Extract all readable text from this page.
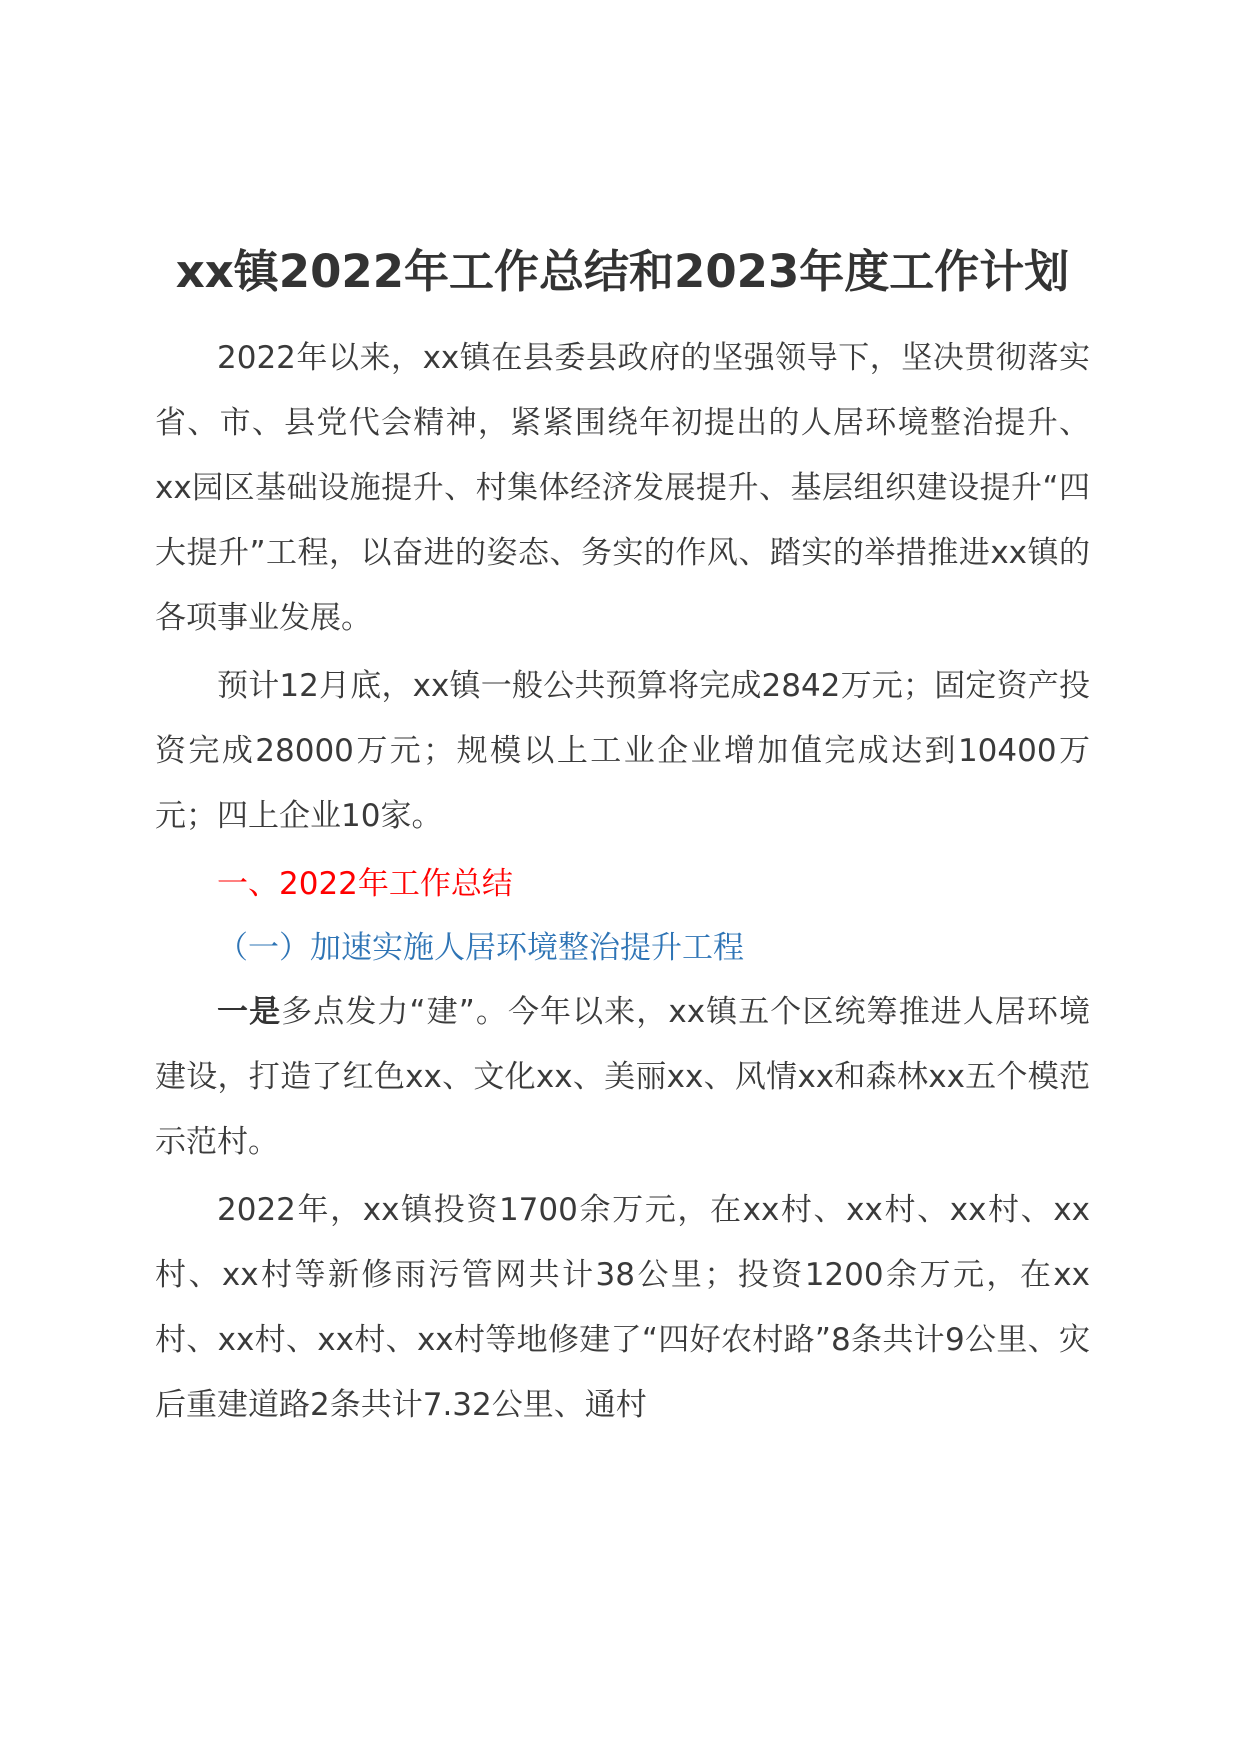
xx镇2022年工作总结和2023年度工作计划

2022年以来，xx镇在县委县政府的坚强领导下，坚决贯彻落实省、市、县党代会精神，紧紧围绕年初提出的人居环境整治提升、xx园区基础设施提升、村集体经济发展提升、基层组织建设提升“四大提升”工程，以奋进的姿态、务实的作风、踏实的举措推进xx镇的各项事业发展。

预计12月底，xx镇一般公共预算将完成2842万元；固定资产投资完成28000万元；规模以上工业企业增加值完成达到10400万元；四上企业10家。

一、2022年工作总结

（一）加速实施人居环境整治提升工程

一是多点发力“建”。今年以来，xx镇五个区统筹推进人居环境建设，打造了红色xx、文化xx、美丽xx、风情xx和森林xx五个模范示范村。

2022年，xx镇投资1700余万元，在xx村、xx村、xx村、xx村、xx村等新修雨污管网共计38公里；投资1200余万元，在xx村、xx村、xx村、xx村等地修建了“四好农村路”8条共计9公里、灾后重建道路2条共计7.32公里、通村
